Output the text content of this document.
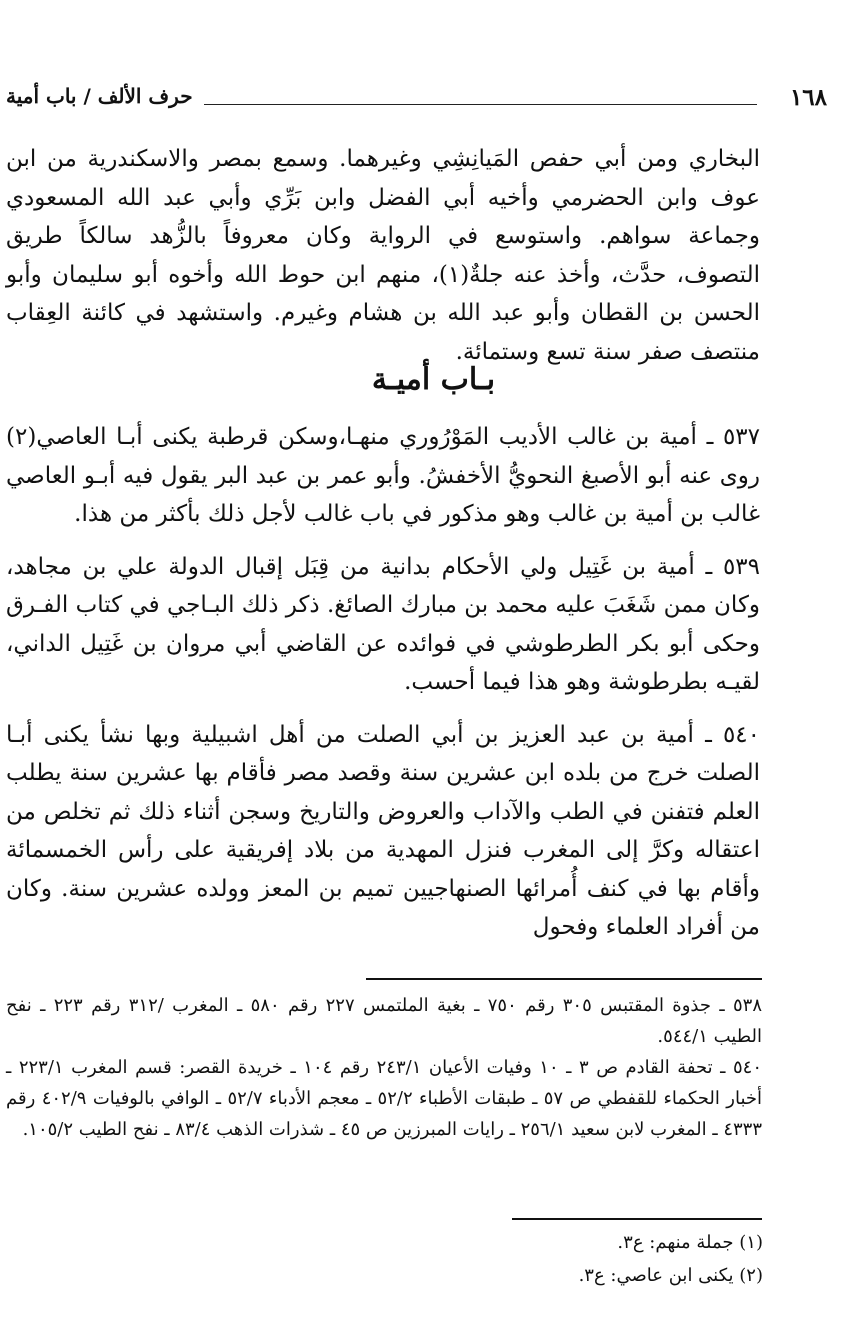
١٦٨
حرف الألف / باب أمية

البخاري ومن أبي حفص المَيانِشِي وغيرهما. وسمع بمصر والاسكندرية من ابن عوف وابن الحضرمي وأخيه أبي الفضل وابن بَرِّي وأبي عبد الله المسعودي وجماعة سواهم. واستوسع في الرواية وكان معروفاً بالزُّهد سالكاً طريق التصوف، حدَّث، وأخذ عنه جلةٌ(١)، منهم ابن حوط الله وأخوه أبو سليمان وأبو الحسن بن القطان وأبو عبد الله بن هشام وغيرم. واستشهد في كائنة العِقاب منتصف صفر سنة تسع وستمائة.

بـاب أميـة

٥٣٧ ـ أمية بن غالب الأديب المَوْرُوري منهـا،وسكن قرطبة يكنى أبـا العاصي(٢) روى عنه أبو الأصبغ النحويُّ الأخفشُ. وأبو عمر بن عبد البر يقول فيه أبـو العاصي غالب بن أمية بن غالب وهو مذكور في باب غالب لأجل ذلك بأكثر من هذا.

٥٣٩ ـ أمية بن غَتِيل ولي الأحكام بدانية من قِبَل إقبال الدولة علي بن مجاهد، وكان ممن شَغَبَ عليه محمد بن مبارك الصائغ. ذكر ذلك البـاجي في كتاب الفـرق وحكى أبو بكر الطرطوشي في فوائده عن القاضي أبي مروان بن غَتِيل الداني، لقيـه بطرطوشة وهو هذا فيما أحسب.

٥٤٠ ـ أمية بن عبد العزيز بن أبي الصلت من أهل اشبيلية وبها نشأ يكنى أبـا الصلت خرج من بلده ابن عشرين سنة وقصد مصر فأقام بها عشرين سنة يطلب العلم فتفنن في الطب والآداب والعروض والتاريخ وسجن أثناء ذلك ثم تخلص من اعتقاله وكرَّ إلى المغرب فنزل المهدية من بلاد إفريقية على رأس الخمسمائة وأقام بها في كنف أُمرائها الصنهاجيين تميم بن المعز وولده عشرين سنة. وكان من أفراد العلماء وفحول

٥٣٨ ـ جذوة المقتبس ٣٠٥ رقم ٧٥٠ ـ بغية الملتمس ٢٢٧ رقم ٥٨٠ ـ المغرب /٣١٢ رقم ٢٢٣ ـ نفح الطيب ٥٤٤/١.

٥٤٠ ـ تحفة القادم ص ٣ ـ ١٠ وفيات الأعيان ٢٤٣/١ رقم ١٠٤ ـ خريدة القصر: قسم المغرب ٢٢٣/١ ـ أخبار الحكماء للقفطي ص ٥٧ ـ طبقات الأطباء ٥٢/٢ ـ معجم الأدباء ٥٢/٧ ـ الوافي بالوفيات ٤٠٢/٩ رقم ٤٣٣٣ ـ المغرب لابن سعيد ٢٥٦/١ ـ رايات المبرزين ص ٤٥ ـ شذرات الذهب ٨٣/٤ ـ نفح الطيب ١٠٥/٢.

(١) جملة منهم: ع٣.
(٢) يكنى ابن عاصي: ع٣.
